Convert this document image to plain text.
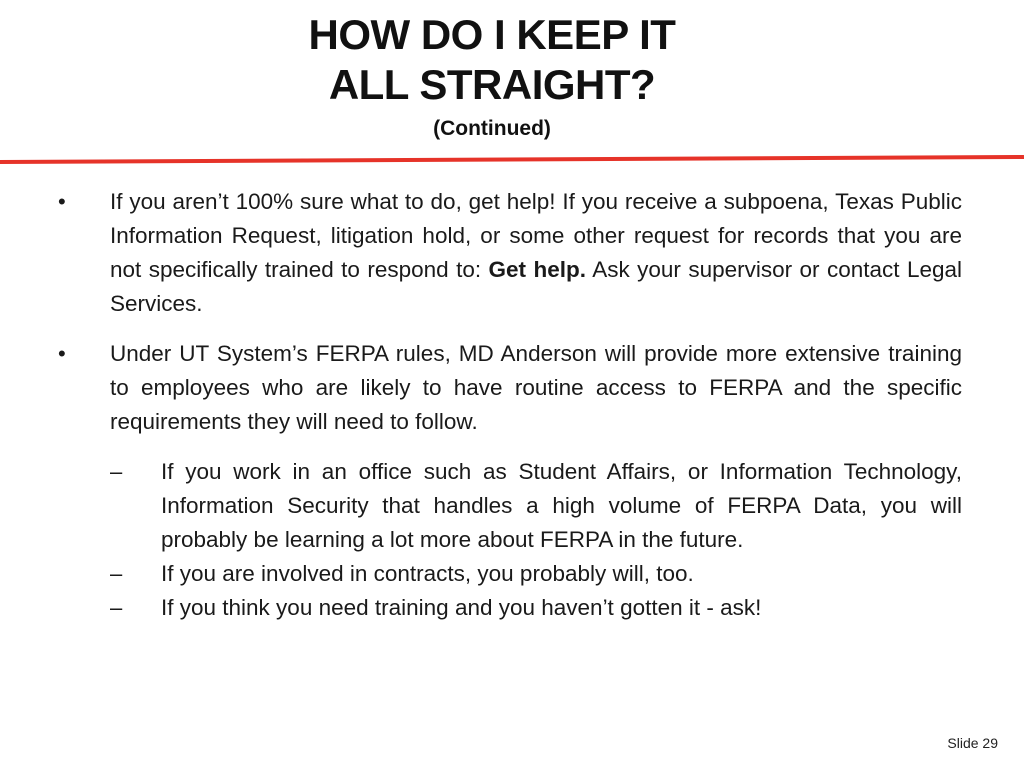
HOW DO I KEEP IT
ALL STRAIGHT?
(Continued)
•	If you aren’t 100% sure what to do, get help! If you receive a subpoena, Texas Public Information Request, litigation hold, or some other request for records that you are not specifically trained to respond to: Get help. Ask your supervisor or contact Legal Services.
•	Under UT System’s FERPA rules, MD Anderson will provide more extensive training to employees who are likely to have routine access to FERPA and the specific requirements they will need to follow.
–	If you work in an office such as Student Affairs, or Information Technology, Information Security that handles a high volume of FERPA Data, you will probably be learning a lot more about FERPA in the future.
–	If you are involved in contracts, you probably will, too.
–	If you think you need training and you haven’t gotten it - ask!
Slide 29
